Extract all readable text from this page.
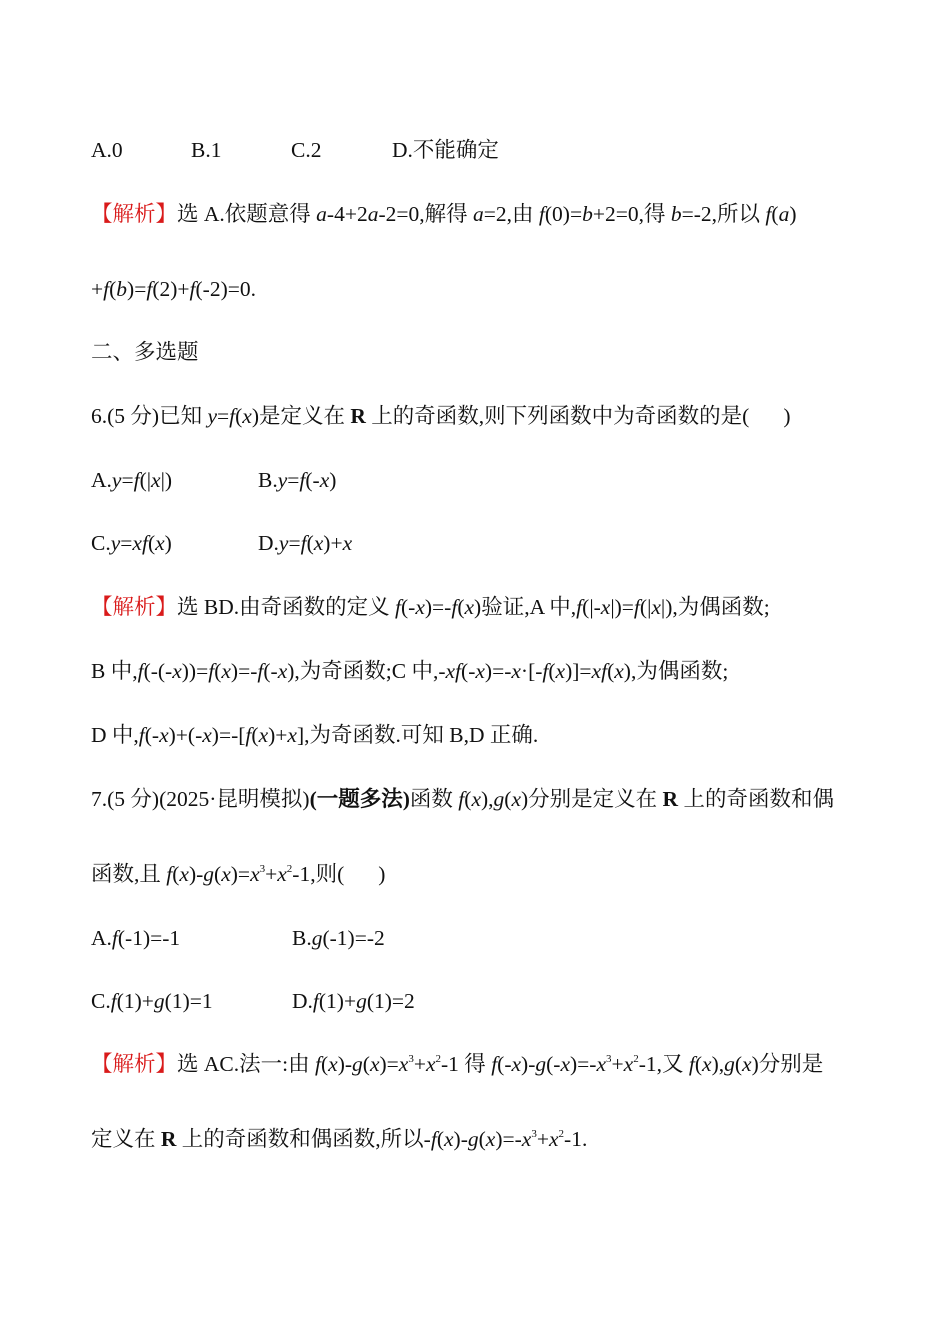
A.0	B.1	C.2	D.不能确定
【解析】选 A.依题意得 a-4+2a-2=0,解得 a=2,由 f(0)=b+2=0,得 b=-2,所以 f(a)
+f(b)=f(2)+f(-2)=0.
二、多选题
6.(5 分)已知 y=f(x)是定义在 R 上的奇函数,则下列函数中为奇函数的是( )
A.y=f(|x|)	B.y=f(-x)
C.y=xf(x)	D.y=f(x)+x
【解析】选 BD.由奇函数的定义 f(-x)=-f(x)验证,A 中,f(|-x|)=f(|x|),为偶函数;
B 中,f(-(-x))=f(x)=-f(-x),为奇函数;C 中,-xf(-x)=-x·[-f(x)]=xf(x),为偶函数;
D 中,f(-x)+(-x)=-[f(x)+x],为奇函数.可知 B,D 正确.
7.(5 分)(2025·昆明模拟)(一题多法)函数 f(x),g(x)分别是定义在 R 上的奇函数和偶
函数,且 $f(x)-g(x)=x^3+x^2-1$,则( )
A.f(-1)=-1	B.g(-1)=-2
C.f(1)+g(1)=1	D.f(1)+g(1)=2
【解析】选 AC.法一:由 $f(x)-g(x)=x^3+x^2-1$ 得 $f(-x)-g(-x)=-x^3+x^2-1$,又 f(x),g(x)分别是
定义在 R 上的奇函数和偶函数,所以$-f(x)-g(x)=-x^3+x^2-1$.
